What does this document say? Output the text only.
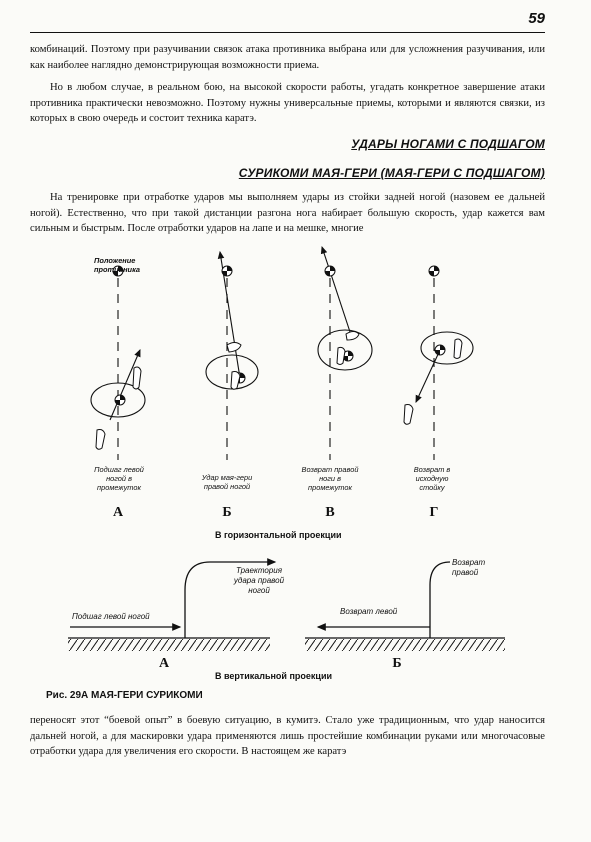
59
комбинаций. Поэтому при разучивании связок атака противника выбрана или для усложнения разучивания, или как наиболее наглядно демонстрирующая возможности приема.
Но в любом случае, в реальном бою, на высокой скорости работы, угадать конкретное завершение атаки противника практически невозможно. Поэтому нужны универсальные приемы, которыми и являются связки, из которых в свою очередь и состоит техника каратэ.
УДАРЫ НОГАМИ С ПОДШАГОМ
СУРИКОМИ МАЯ-ГЕРИ (МАЯ-ГЕРИ С ПОДШАГОМ)
На тренировке при отработке ударов мы выполняем удары из стойки задней ногой (назовем ее дальней ногой). Естественно, что при такой дистанции разгона нога набирает большую скорость, удар кажется вам сильным и быстрым. После отработки ударов на лапе и на мешке, многие
Положение противника
Подшаг левой ногой в промежуток
Удар мая-гери правой ногой
Возврат правой ноги в промежуток
Возврат в исходную стойку
А	Б	В	Г
В горизонтальной проекции
Подшаг левой ногой
Траектория удара правой ногой
Возврат левой
Возврат правой
А	Б
В вертикальной проекции
Рис. 29А МАЯ-ГЕРИ СУРИКОМИ
переносят этот “боевой опыт” в боевую ситуацию, в кумитэ. Стало уже традиционным, что удар наносится дальней ногой, а для маскировки удара применяются лишь простейшие комбинации руками или многочасовые отработки удара для увеличения его скорости. В настоящем же каратэ
